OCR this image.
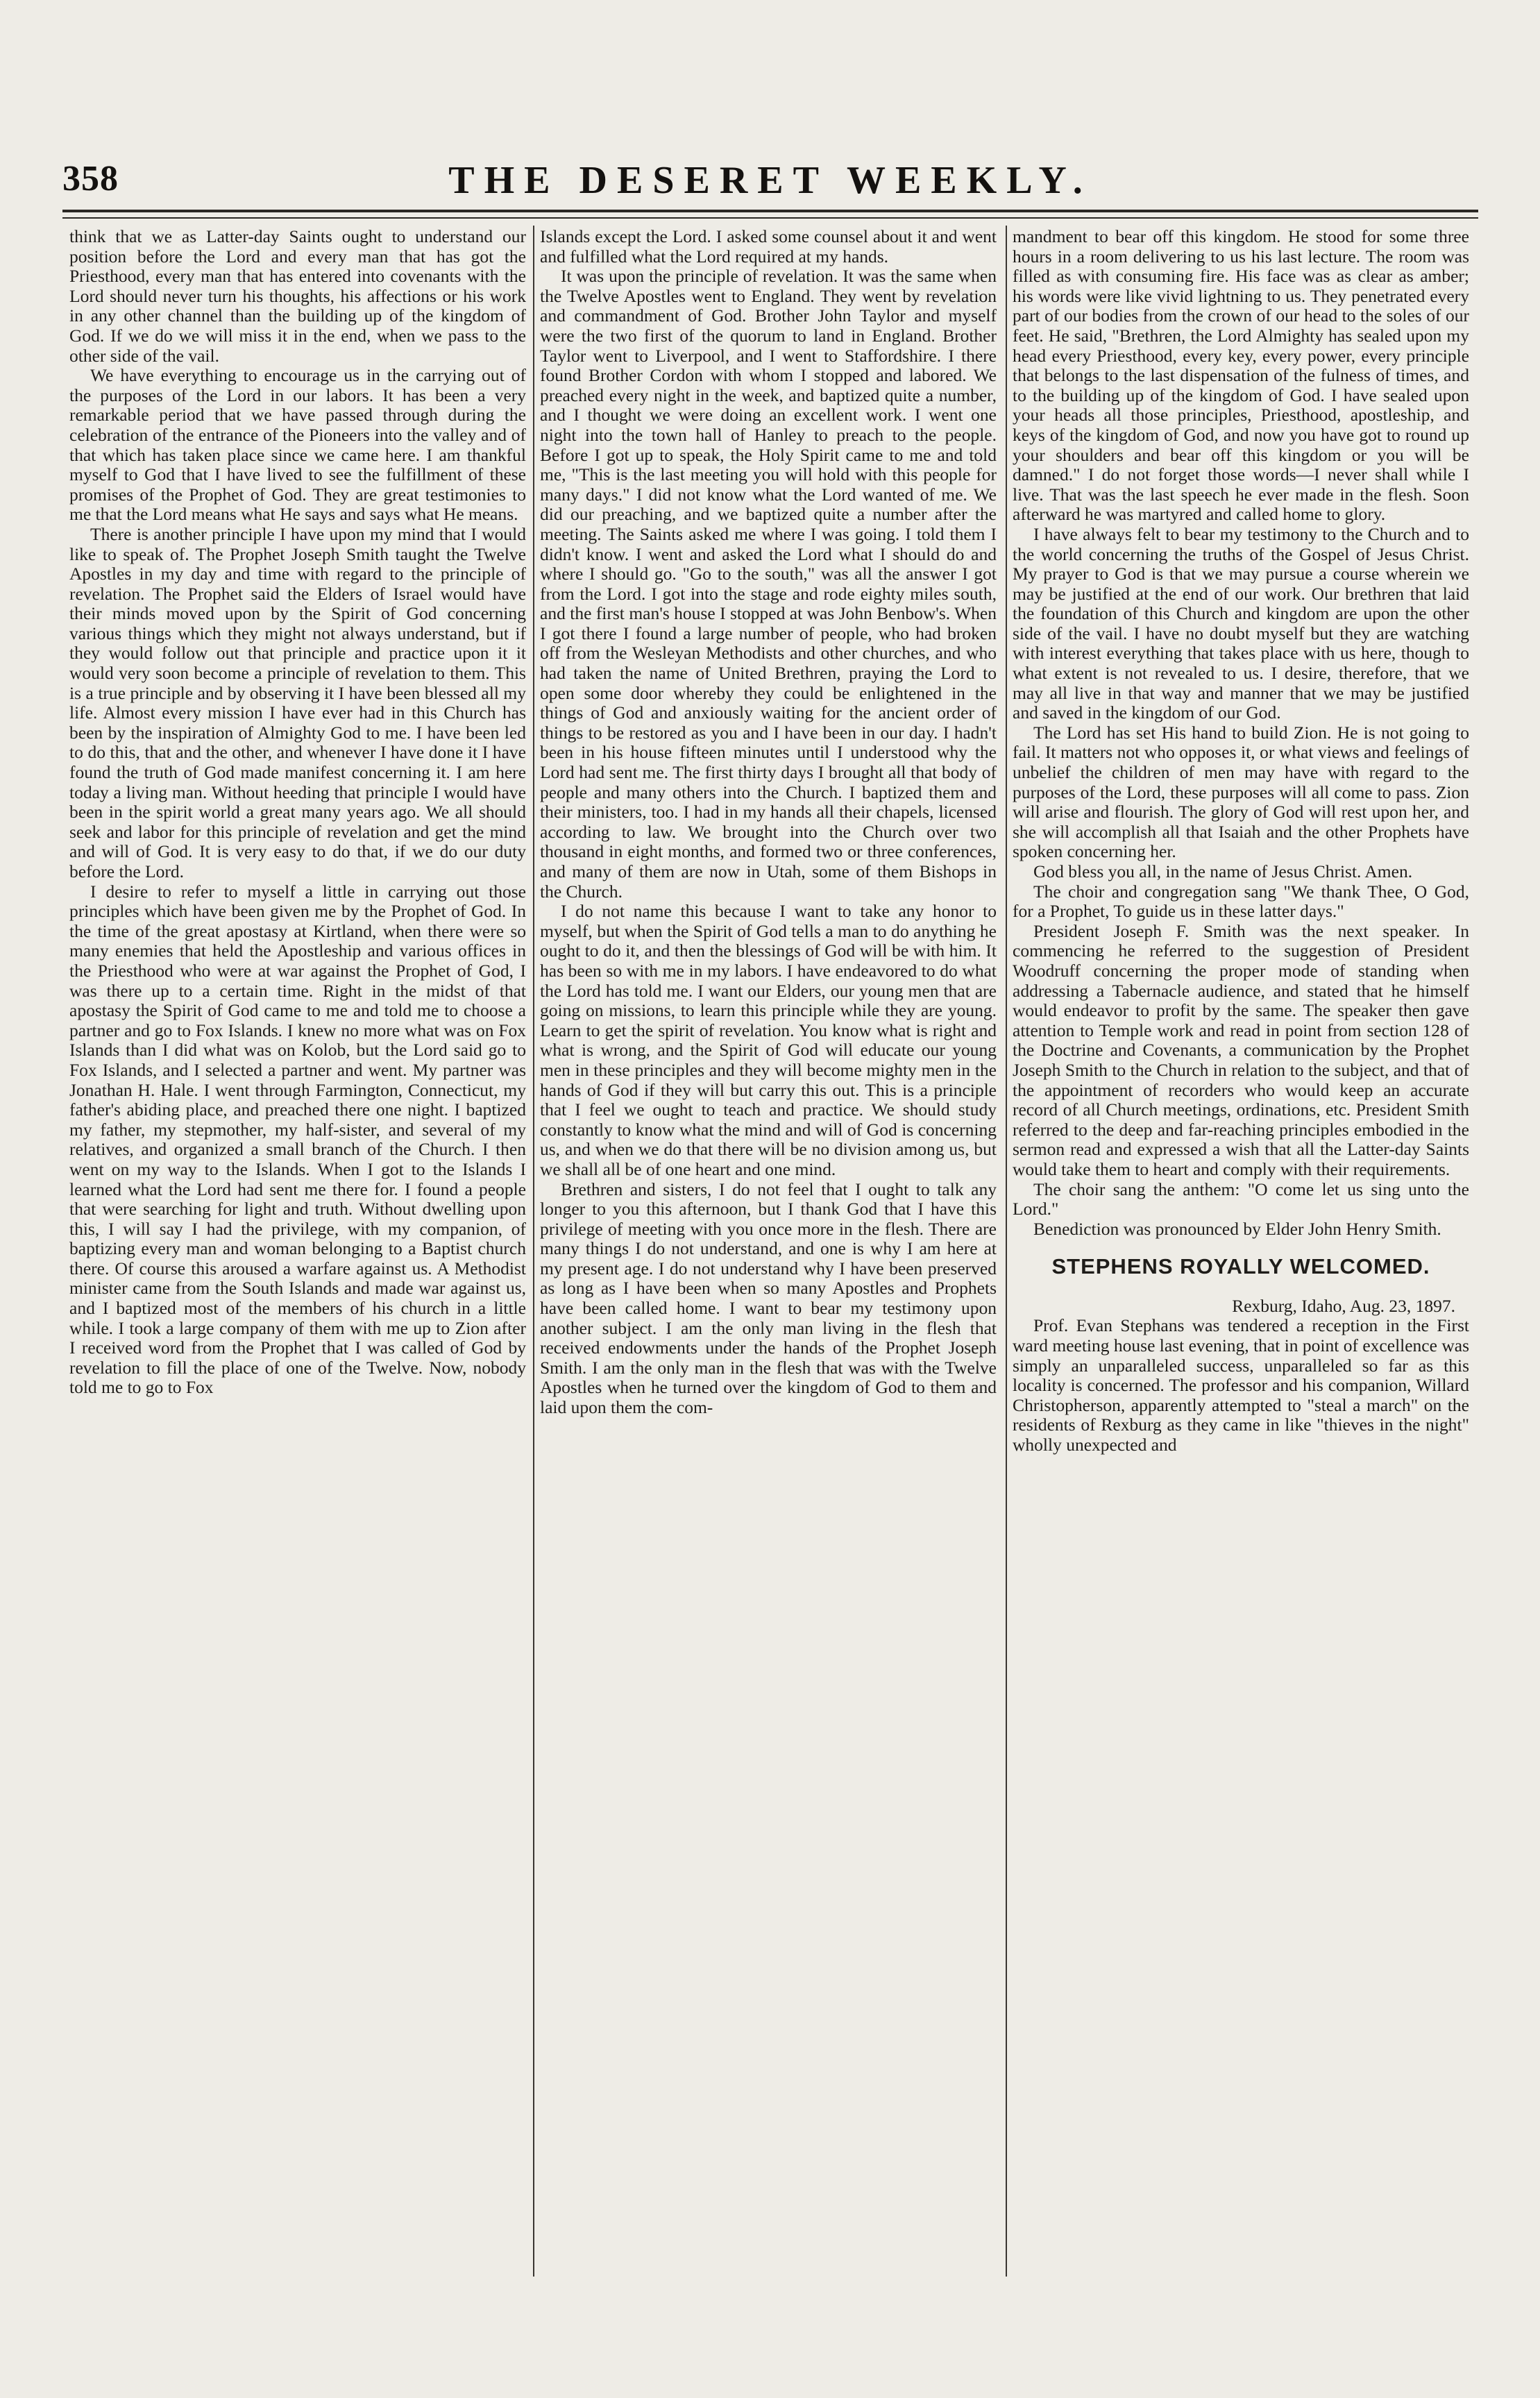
358	THE DESERET WEEKLY.

think that we as Latter-day Saints ought to understand our position before the Lord and every man that has got the Priesthood, every man that has entered into covenants with the Lord should never turn his thoughts, his affections or his work in any other channel than the building up of the kingdom of God. If we do we will miss it in the end, when we pass to the other side of the vail.

We have everything to encourage us in the carrying out of the purposes of the Lord in our labors. It has been a very remarkable period that we have passed through during the celebration of the entrance of the Pioneers into the valley and of that which has taken place since we came here. I am thankful myself to God that I have lived to see the fulfillment of these promises of the Prophet of God. They are great testimonies to me that the Lord means what He says and says what He means.

There is another principle I have upon my mind that I would like to speak of. The Prophet Joseph Smith taught the Twelve Apostles in my day and time with regard to the principle of revelation. The Prophet said the Elders of Israel would have their minds moved upon by the Spirit of God concerning various things which they might not always understand, but if they would follow out that principle and practice upon it it would very soon become a principle of revelation to them. This is a true principle and by observing it I have been blessed all my life. Almost every mission I have ever had in this Church has been by the inspiration of Almighty God to me. I have been led to do this, that and the other, and whenever I have done it I have found the truth of God made manifest concerning it. I am here today a living man. Without heeding that principle I would have been in the spirit world a great many years ago. We all should seek and labor for this principle of revelation and get the mind and will of God. It is very easy to do that, if we do our duty before the Lord.

I desire to refer to myself a little in carrying out those principles which have been given me by the Prophet of God. In the time of the great apostasy at Kirtland, when there were so many enemies that held the Apostleship and various offices in the Priesthood who were at war against the Prophet of God, I was there up to a certain time. Right in the midst of that apostasy the Spirit of God came to me and told me to choose a partner and go to Fox Islands. I knew no more what was on Fox Islands than I did what was on Kolob, but the Lord said go to Fox Islands, and I selected a partner and went. My partner was Jonathan H. Hale. I went through Farmington, Connecticut, my father's abiding place, and preached there one night. I baptized my father, my stepmother, my half-sister, and several of my relatives, and organized a small branch of the Church. I then went on my way to the Islands. When I got to the Islands I learned what the Lord had sent me there for. I found a people that were searching for light and truth. Without dwelling upon this, I will say I had the privilege, with my companion, of baptizing every man and woman belonging to a Baptist church there. Of course this aroused a warfare against us. A Methodist minister came from the South Islands and made war against us, and I baptized most of the members of his church in a little while. I took a large company of them with me up to Zion after I received word from the Prophet that I was called of God by revelation to fill the place of one of the Twelve. Now, nobody told me to go to Fox

Islands except the Lord. I asked some counsel about it and went and fulfilled what the Lord required at my hands.

It was upon the principle of revelation. It was the same when the Twelve Apostles went to England. They went by revelation and commandment of God. Brother John Taylor and myself were the two first of the quorum to land in England. Brother Taylor went to Liverpool, and I went to Staffordshire. I there found Brother Cordon with whom I stopped and labored. We preached every night in the week, and baptized quite a number, and I thought we were doing an excellent work. I went one night into the town hall of Hanley to preach to the people. Before I got up to speak, the Holy Spirit came to me and told me, "This is the last meeting you will hold with this people for many days." I did not know what the Lord wanted of me. We did our preaching, and we baptized quite a number after the meeting. The Saints asked me where I was going. I told them I didn't know. I went and asked the Lord what I should do and where I should go. "Go to the south," was all the answer I got from the Lord. I got into the stage and rode eighty miles south, and the first man's house I stopped at was John Benbow's. When I got there I found a large number of people, who had broken off from the Wesleyan Methodists and other churches, and who had taken the name of United Brethren, praying the Lord to open some door whereby they could be enlightened in the things of God and anxiously waiting for the ancient order of things to be restored as you and I have been in our day. I hadn't been in his house fifteen minutes until I understood why the Lord had sent me. The first thirty days I brought all that body of people and many others into the Church. I baptized them and their ministers, too. I had in my hands all their chapels, licensed according to law. We brought into the Church over two thousand in eight months, and formed two or three conferences, and many of them are now in Utah, some of them Bishops in the Church.

I do not name this because I want to take any honor to myself, but when the Spirit of God tells a man to do anything he ought to do it, and then the blessings of God will be with him. It has been so with me in my labors. I have endeavored to do what the Lord has told me. I want our Elders, our young men that are going on missions, to learn this principle while they are young. Learn to get the spirit of revelation. You know what is right and what is wrong, and the Spirit of God will educate our young men in these principles and they will become mighty men in the hands of God if they will but carry this out. This is a principle that I feel we ought to teach and practice. We should study constantly to know what the mind and will of God is concerning us, and when we do that there will be no division among us, but we shall all be of one heart and one mind.

Brethren and sisters, I do not feel that I ought to talk any longer to you this afternoon, but I thank God that I have this privilege of meeting with you once more in the flesh. There are many things I do not understand, and one is why I am here at my present age. I do not understand why I have been preserved as long as I have been when so many Apostles and Prophets have been called home. I want to bear my testimony upon another subject. I am the only man living in the flesh that received endowments under the hands of the Prophet Joseph Smith. I am the only man in the flesh that was with the Twelve Apostles when he turned over the kingdom of God to them and laid upon them the com-

mandment to bear off this kingdom. He stood for some three hours in a room delivering to us his last lecture. The room was filled as with consuming fire. His face was as clear as amber; his words were like vivid lightning to us. They penetrated every part of our bodies from the crown of our head to the soles of our feet. He said, "Brethren, the Lord Almighty has sealed upon my head every Priesthood, every key, every power, every principle that belongs to the last dispensation of the fulness of times, and to the building up of the kingdom of God. I have sealed upon your heads all those principles, Priesthood, apostleship, and keys of the kingdom of God, and now you have got to round up your shoulders and bear off this kingdom or you will be damned." I do not forget those words—I never shall while I live. That was the last speech he ever made in the flesh. Soon afterward he was martyred and called home to glory.

I have always felt to bear my testimony to the Church and to the world concerning the truths of the Gospel of Jesus Christ. My prayer to God is that we may pursue a course wherein we may be justified at the end of our work. Our brethren that laid the foundation of this Church and kingdom are upon the other side of the vail. I have no doubt myself but they are watching with interest everything that takes place with us here, though to what extent is not revealed to us. I desire, therefore, that we may all live in that way and manner that we may be justified and saved in the kingdom of our God.

The Lord has set His hand to build Zion. He is not going to fail. It matters not who opposes it, or what views and feelings of unbelief the children of men may have with regard to the purposes of the Lord, these purposes will all come to pass. Zion will arise and flourish. The glory of God will rest upon her, and she will accomplish all that Isaiah and the other Prophets have spoken concerning her.

God bless you all, in the name of Jesus Christ. Amen.

The choir and congregation sang "We thank Thee, O God, for a Prophet, To guide us in these latter days."

President Joseph F. Smith was the next speaker. In commencing he referred to the suggestion of President Woodruff concerning the proper mode of standing when addressing a Tabernacle audience, and stated that he himself would endeavor to profit by the same. The speaker then gave attention to Temple work and read in point from section 128 of the Doctrine and Covenants, a communication by the Prophet Joseph Smith to the Church in relation to the subject, and that of the appointment of recorders who would keep an accurate record of all Church meetings, ordinations, etc. President Smith referred to the deep and far-reaching principles embodied in the sermon read and expressed a wish that all the Latter-day Saints would take them to heart and comply with their requirements.

The choir sang the anthem: "O come let us sing unto the Lord."

Benediction was pronounced by Elder John Henry Smith.

STEPHENS ROYALLY WELCOMED.

Rexburg, Idaho, Aug. 23, 1897.

Prof. Evan Stephans was tendered a reception in the First ward meeting house last evening, that in point of excellence was simply an unparalleled success, unparalleled so far as this locality is concerned. The professor and his companion, Willard Christopherson, apparently attempted to "steal a march" on the residents of Rexburg as they came in like "thieves in the night" wholly unexpected and
